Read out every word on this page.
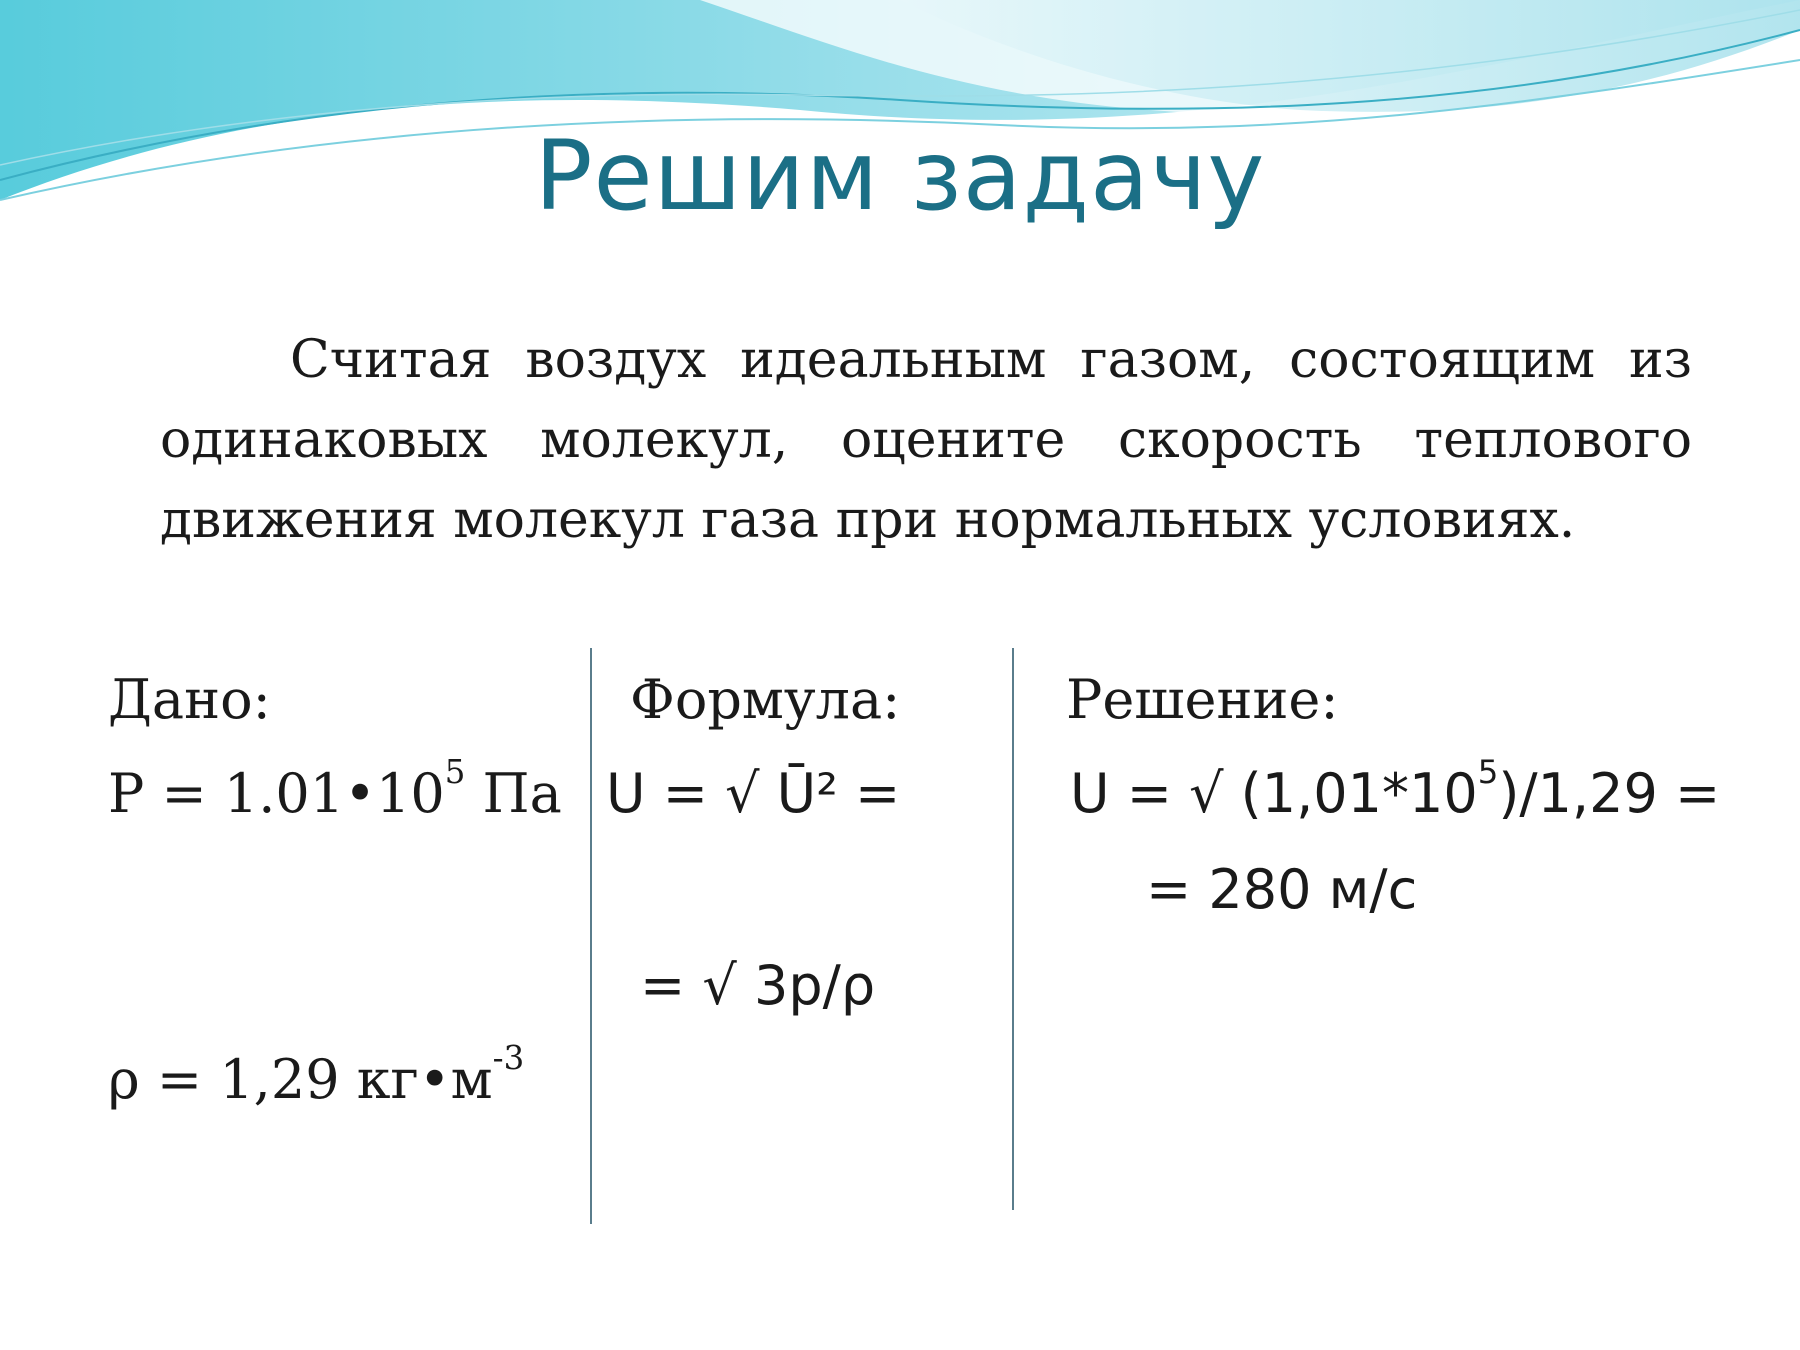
Решим задачу
Считая воздух идеальным газом, состоящим из одинаковых молекул, оцените скорость теплового движения молекул газа при нормальных условиях.
Дано:
$P = 1.01•10^5$ Па
ρ = 1,29 $кг•м^{-3}$
Формула:
U = √ Ū² =
= √ 3p/ρ
Решение:
U = √ $(1,01*10^5)/1,29$ =
= 280 м/с
